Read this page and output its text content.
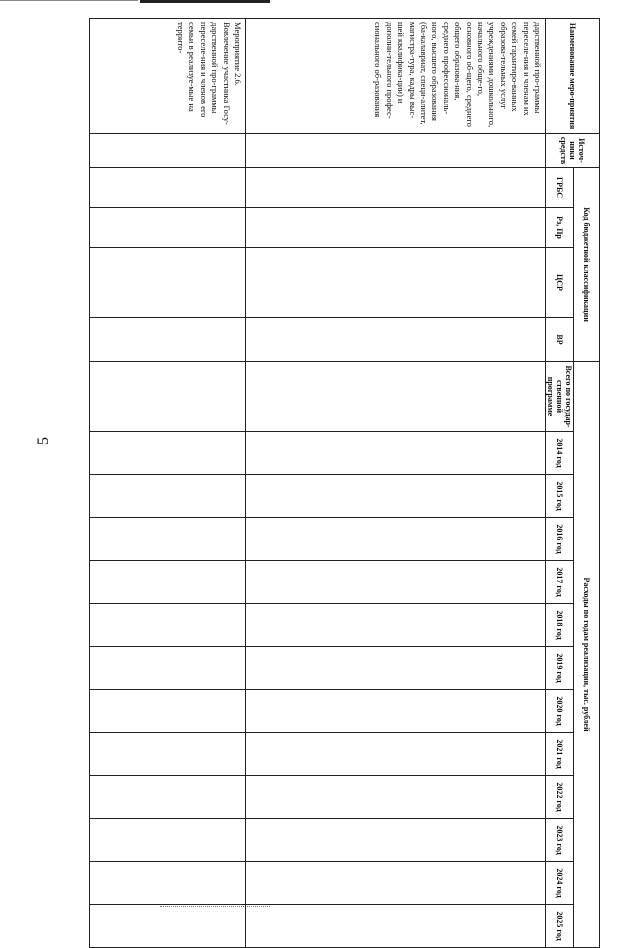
5
Наименование меро-приятия	Источ-ники средств	Код бюджетной классификации				Расходы по годам реализации, тыс. рублей												
		ГРБС	Рз, Пр	ЦСР	ВР	Всего по государ-ственной программе	2014 год	2015 год	2016 год	2017 год	2018 год	2019 год	2020 год	2021 год	2022 год	2023 год	2024 год	2025 год
дарственной про-граммы переселе-ния и членам их семей гарантиро-ванных образова-тельных услуг учреждениями дошкольного, начального обще-го, основного об-щего, среднего общего образова-ния, среднего профессиональ-ного, высшего образования (ба-калавриат, специ-алитет, магистра-тура, кадры выс-шей квалифика-ции) и дополни-тельного профес-сионального об-разования																		
Мероприятие 2.6. Вовлечение участника Госу-дарственной про-граммы переселе-ния и членов его семьи в реализуе-мые на террито-																		
